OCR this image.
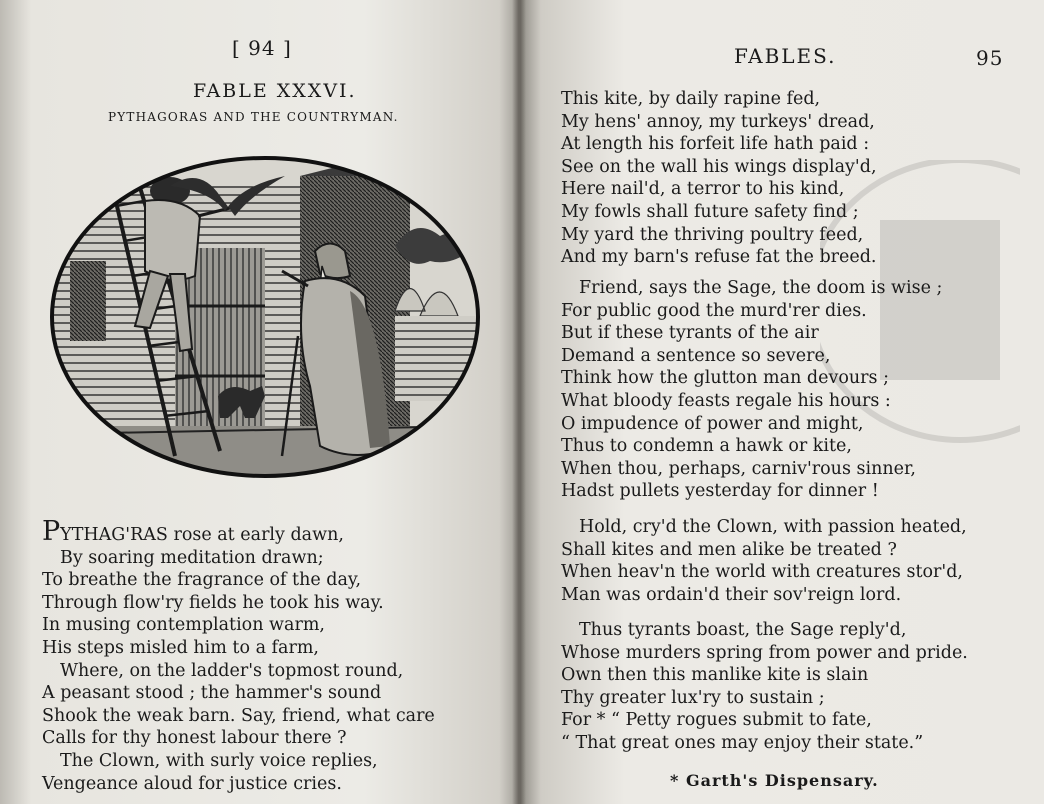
[ 94 ]
FABLE XXXVI.
PYTHAGORAS AND THE COUNTRYMAN.
PYTHAG'RAS rose at early dawn,
By soaring meditation drawn;
To breathe the fragrance of the day,
Through flow'ry fields he took his way.
In musing contemplation warm,
His steps misled him to a farm,
Where, on the ladder's topmost round,
A peasant stood ; the hammer's sound
Shook the weak barn. Say, friend, what care
Calls for thy honest labour there ?
The Clown, with surly voice replies,
Vengeance aloud for justice cries.
FABLES.	95
This kite, by daily rapine fed,
My hens' annoy, my turkeys' dread,
At length his forfeit life hath paid :
See on the wall his wings display'd,
Here nail'd, a terror to his kind,
My fowls shall future safety find ;
My yard the thriving poultry feed,
And my barn's refuse fat the breed.
Friend, says the Sage, the doom is wise ;
For public good the murd'rer dies.
But if these tyrants of the air
Demand a sentence so severe,
Think how the glutton man devours ;
What bloody feasts regale his hours :
O impudence of power and might,
Thus to condemn a hawk or kite,
When thou, perhaps, carniv'rous sinner,
Hadst pullets yesterday for dinner !
Hold, cry'd the Clown, with passion heated,
Shall kites and men alike be treated ?
When heav'n the world with creatures stor'd,
Man was ordain'd their sov'reign lord.
Thus tyrants boast, the Sage reply'd,
Whose murders spring from power and pride.
Own then this manlike kite is slain
Thy greater lux'ry to sustain ;
For * “ Petty rogues submit to fate,
“ That great ones may enjoy their state.”
* Garth's Dispensary.
